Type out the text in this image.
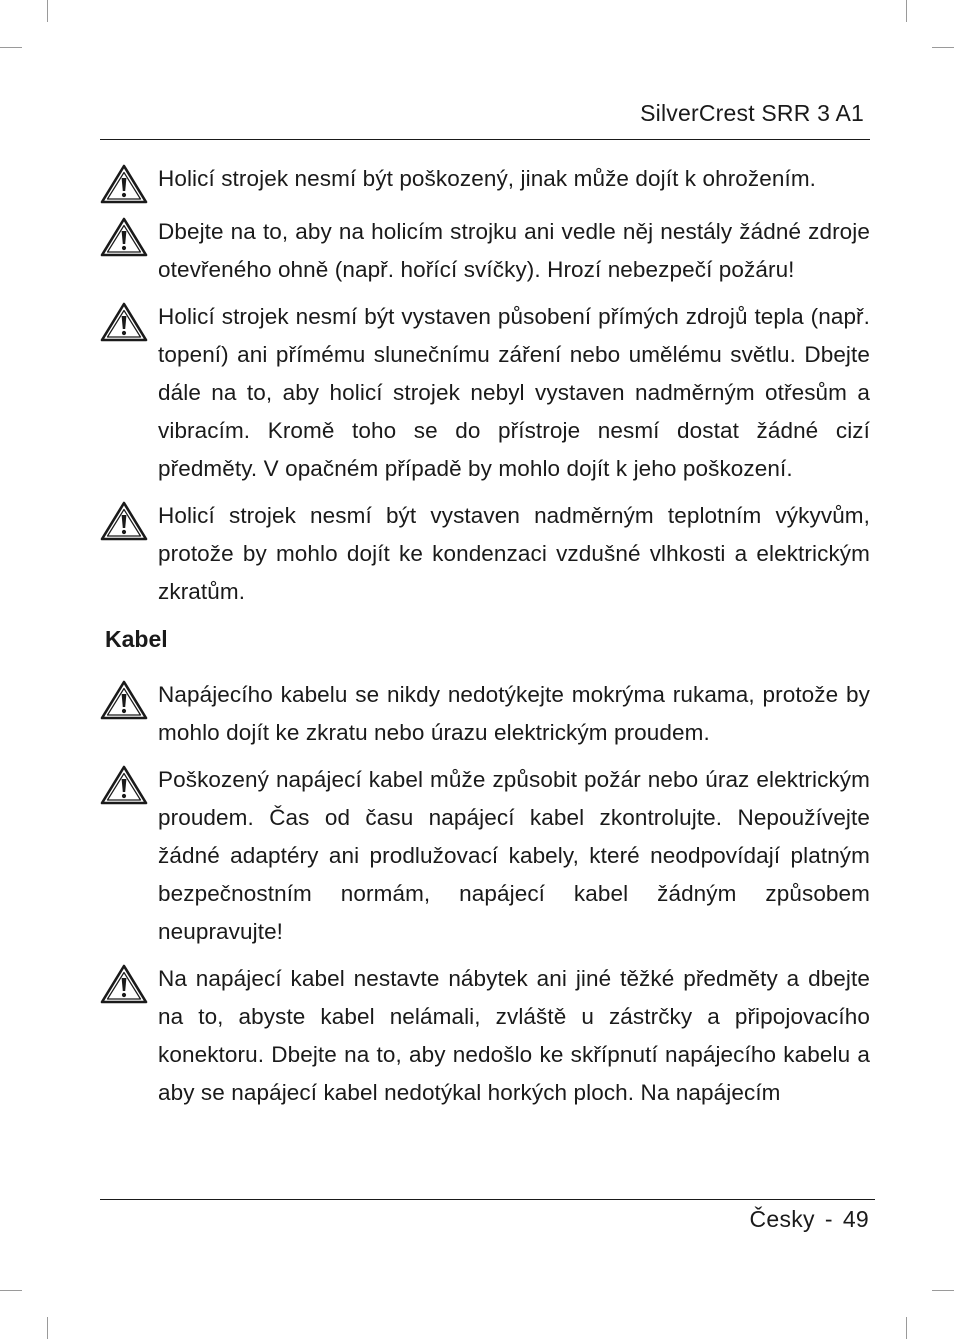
SilverCrest SRR 3 A1
Holicí strojek nesmí být poškozený, jinak může dojít k ohrožením.
Dbejte na to, aby na holicím strojku ani vedle něj nestály žádné zdroje otevřeného ohně (např. hořící svíčky). Hrozí nebezpečí požáru!
Holicí strojek nesmí být vystaven působení přímých zdrojů tepla (např. topení) ani přímému slunečnímu záření nebo umělému světlu. Dbejte dále na to, aby holicí strojek nebyl vystaven nadměrným otřesům a vibracím. Kromě toho se do přístroje nesmí dostat žádné cizí předměty. V opačném případě by mohlo dojít k jeho poškození.
Holicí strojek nesmí být vystaven nadměrným teplotním výkyvům, protože by mohlo dojít ke kondenzaci vzdušné vlhkosti a elektrickým zkratům.
Kabel
Napájecího kabelu se nikdy nedotýkejte mokrýma rukama, protože by mohlo dojít ke zkratu nebo úrazu elektrickým proudem.
Poškozený napájecí kabel může způsobit požár nebo úraz elektrickým proudem. Čas od času napájecí kabel zkontrolujte. Nepoužívejte žádné adaptéry ani prodlužovací kabely, které neodpovídají platným bezpečnostním normám, napájecí kabel žádným způsobem neupravujte!
Na napájecí kabel nestavte nábytek ani jiné těžké předměty a dbejte na to, abyste kabel nelámali, zvláště u zástrčky a připojovacího konektoru. Dbejte na to, aby nedošlo ke skřípnutí napájecího kabelu a aby se napájecí kabel nedotýkal horkých ploch. Na napájecím
Česky - 49
